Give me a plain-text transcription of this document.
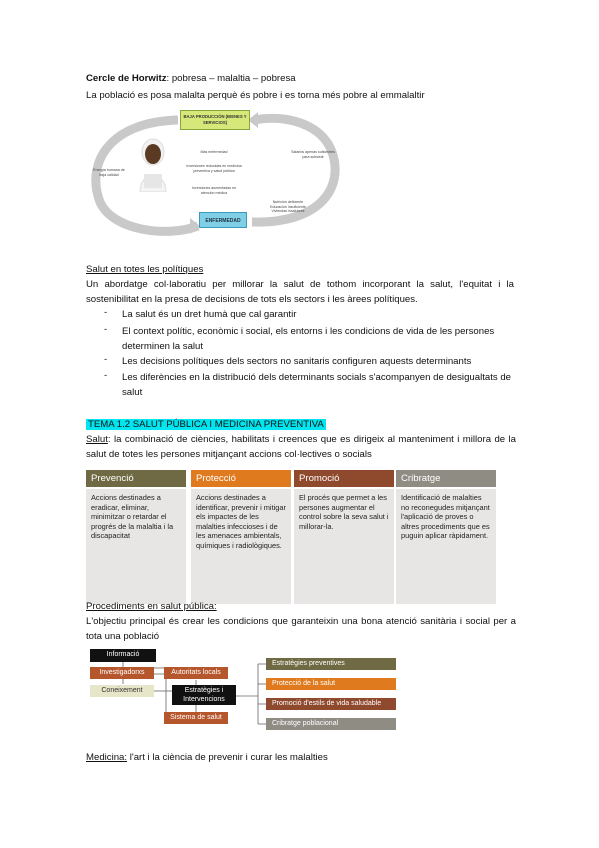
Cercle de Horwitz: pobresa – malaltia – pobresa
La població es posa malalta perquè és pobre i es torna més pobre al emmalaltir
BAJA PRODUCCIÓN (BIENES Y SERVICIOS)
ENFERMEDAD
Más enfermedad
Inversiones reducidas en medicina preventiva y salud pública
Inversiones aumentadas en atención médica
Salarios apenas suficientes para subsistir
Nutrición deficiente Educación insuficiente Viviendas insalubres
Energía humana de baja calidad
Salut en totes les polítiques
Un abordatge col·laboratiu per millorar la salut de tothom incorporant la salut, l'equitat i la sostenibilitat en la presa de decisions de tots els sectors i les àrees polítiques.
- La salut és un dret humà que cal garantir
- El context polític, econòmic i social, els entorns i les condicions de vida de les persones determinen la salut
- Les decisions polítiques dels sectors no sanitaris configuren aquests determinants
- Les diferències en la distribució dels determinants socials s'acompanyen de desigualtats de salut
TEMA 1.2 SALUT PÚBLICA I MEDICINA PREVENTIVA
Salut: la combinació de ciències, habilitats i creences que es dirigeix al manteniment i millora de la salut de totes les persones mitjançant accions col·lectives o socials
Prevenció
Accions destinades a eradicar, eliminar, minimitzar o retardar el progrés de la malaltia i la discapacitat
Protecció
Accions destinades a identificar, prevenir i mitigar els impactes de les malalties infeccioses i de les amenaces ambientals, químiques i radiològiques.
Promoció
El procés que permet a les persones augmentar el control sobre la seva salut i millorar-la.
Cribratge
Identificació de malalties no reconegudes mitjançant l'aplicació de proves o altres procediments que es puguin aplicar ràpidament.
Procediments en salut pública:
L'objectiu principal és crear les condicions que garanteixin una bona atenció sanitària i social per a tota una població
Informació
Investigadorxs
Coneixement
Autoritats locals
Estratègies i Intervencions
Sistema de salut
Estratègies preventives
Protecció de la salut
Promoció d'estils de vida saludable
Cribratge poblacional
Medicina: l'art i la ciència de prevenir i curar les malalties
